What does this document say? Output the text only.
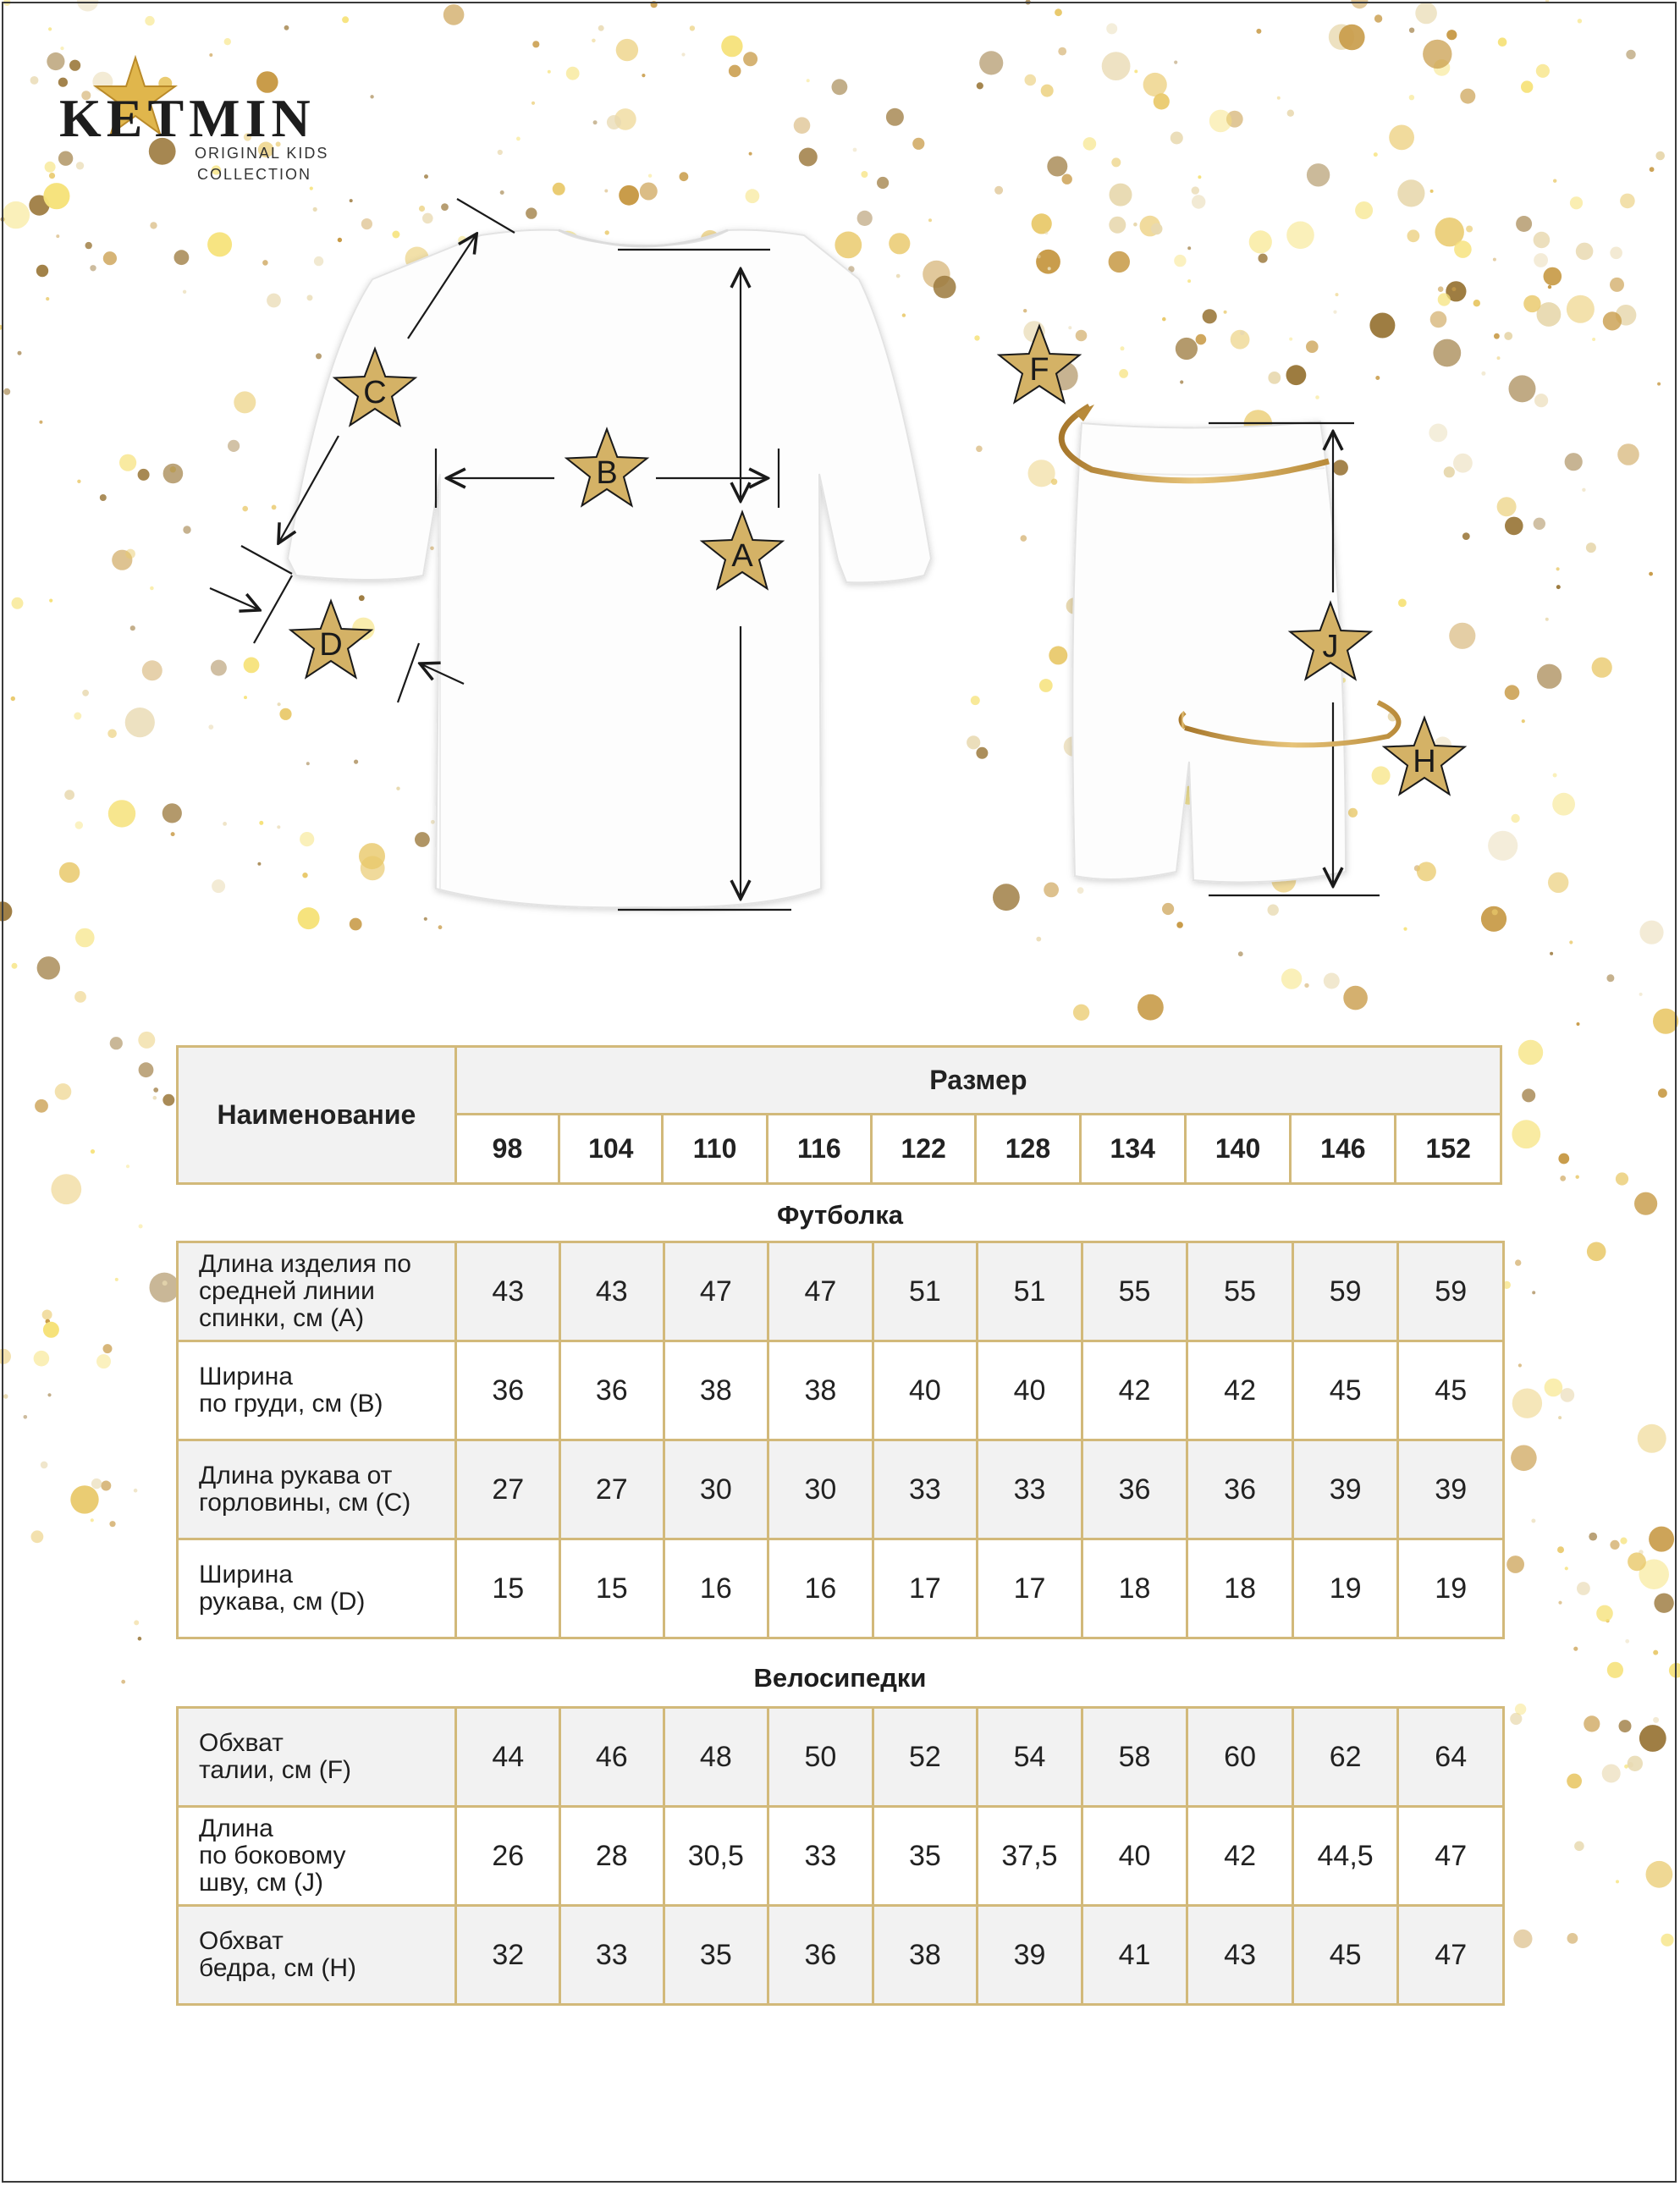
F
C
B
A
D	J
H
KETMIN
ORIGINAL KIDS
COLLECTION
Наименование	Размер									
	98	104	110	116	122	128	134	140	146	152
Футболка
Длина изделия по
средней линии
спинки, см (A)	43	43	47	47	51	51	55	55	59	59

Ширина
по груди, см (B)	36	36	38	38	40	40	42	42	45	45

Длина рукава от
горловины, см (C)	27	27	30	30	33	33	36	36	39	39

Ширина
рукава, см (D)	15	15	16	16	17	17	18	18	19	19
Велосипедки
Обхват
талии, см (F)	44	46	48	50	52	54	58	60	62	64

Длина
по боковому
шву, см (J)	26	28	30,5	33	35	37,5	40	42	44,5	47

Обхват
бедра, см (H)	32	33	35	36	38	39	41	43	45	47
